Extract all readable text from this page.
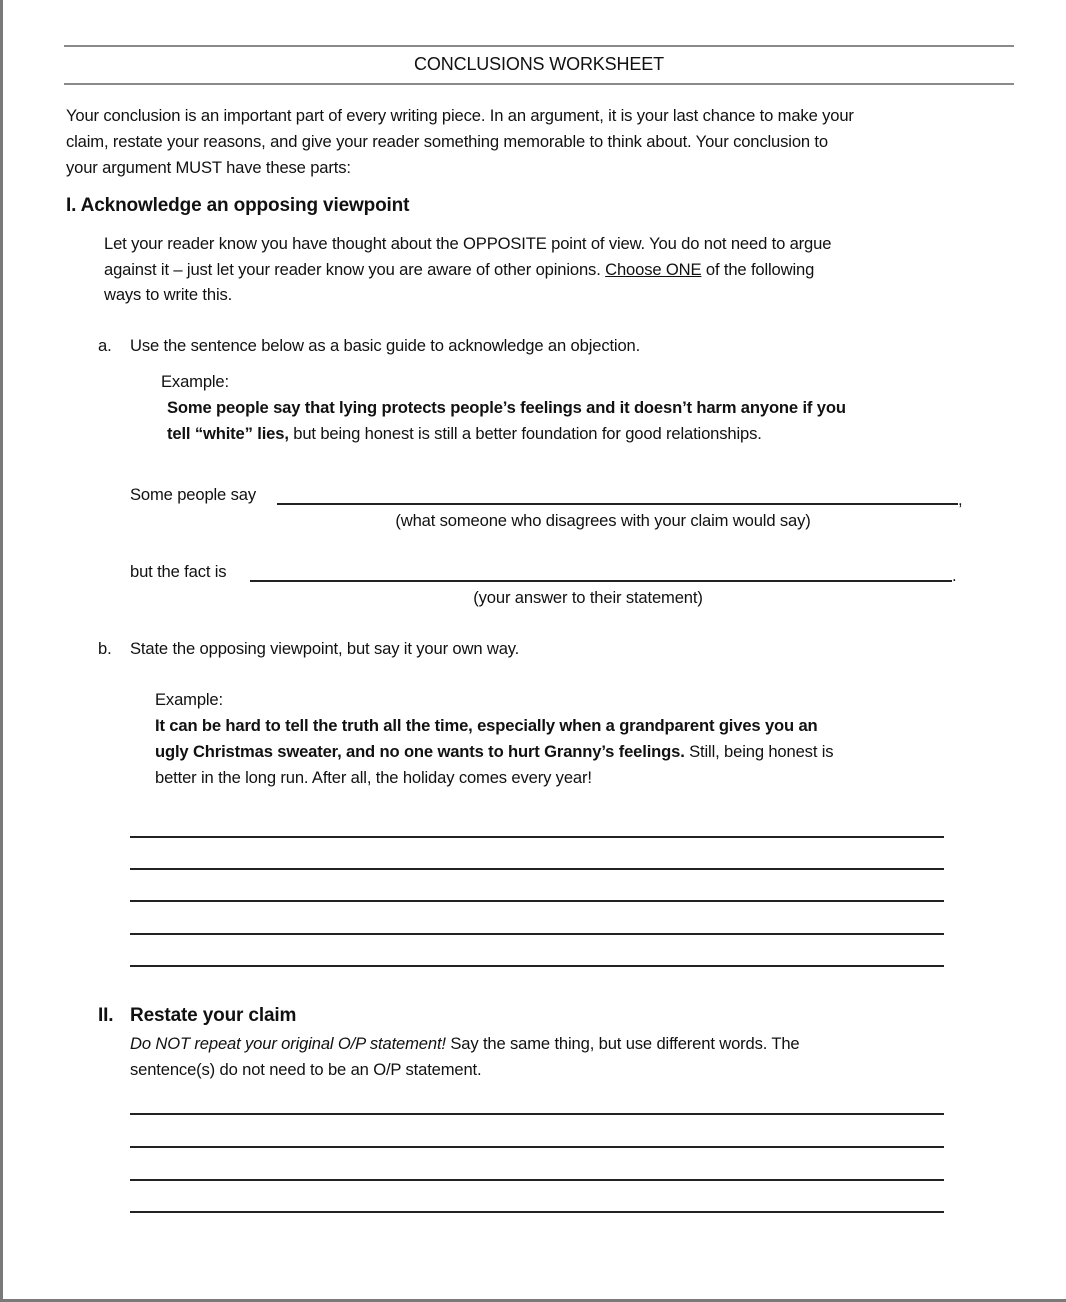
CONCLUSIONS WORKSHEET
Your conclusion is an important part of every writing piece. In an argument, it is your last chance to make your
claim, restate your reasons, and give your reader something memorable to think about. Your conclusion to
your argument MUST have these parts:
I. Acknowledge an opposing viewpoint
Let your reader know you have thought about the OPPOSITE point of view. You do not need to argue
against it – just let your reader know you are aware of other opinions. Choose ONE of the following
ways to write this.
a. Use the sentence below as a basic guide to acknowledge an objection.
Example:
Some people say that lying protects people’s feelings and it doesn’t harm anyone if you
tell “white” lies, but being honest is still a better foundation for good relationships.
Some people say	,
(what someone who disagrees with your claim would say)
but the fact is	.
(your answer to their statement)
b. State the opposing viewpoint, but say it your own way.
Example:
It can be hard to tell the truth all the time, especially when a grandparent gives you an
ugly Christmas sweater, and no one wants to hurt Granny’s feelings. Still, being honest is
better in the long run. After all, the holiday comes every year!
II. Restate your claim
Do NOT repeat your original O/P statement! Say the same thing, but use different words. The
sentence(s) do not need to be an O/P statement.
